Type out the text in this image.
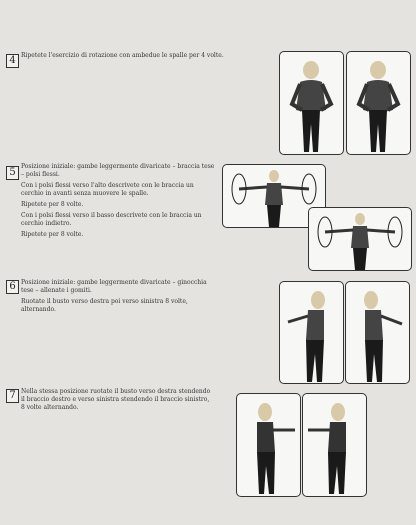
4 Ripetete l'esercizio di rotazione con ambedue le spalle per 4 volte.

5

Posizione iniziale: gambe leggermente divaricate – braccia tese – polsi flessi.

Con i polsi flessi verso l'alto descrivete con le braccia un cerchio in avanti senza muovere le spalle.

Ripetete per 8 volte.

Con i polsi flessi verso il basso descrivete con le braccia un cerchio indietro.

Ripetete per 8 volte.

6 Posizione iniziale: gambe leggermente divaricate – ginocchia tese – allenate i gomiti.

Ruotate il busto verso destra poi verso sinistra 8 volte, alternando.

7 Nella stessa posizione ruotate il busto verso destra stendendo il braccio destro e verso sinistra stendendo il braccio sinistro, 8 volte alternando.
